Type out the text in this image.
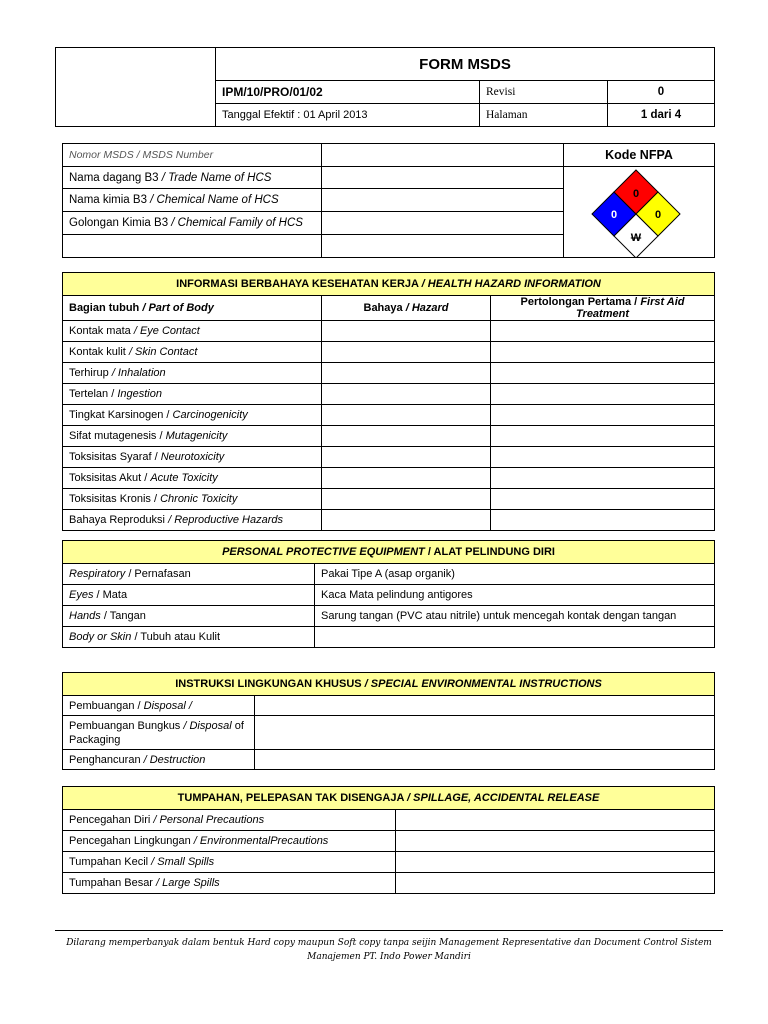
	FORM MSDS		
	IPM/10/PRO/01/02	Revisi	0
	Tanggal Efektif : 01 April 2013	Halaman	1 dari 4
Nomor MSDS / MSDS Number		Kode NFPA
Nama dagang B3 / Trade Name of HCS		0
0 0
W

Nama kimia B3 / Chemical Name of HCS		
Golongan Kimia B3 / Chemical Family of HCS		

INFORMASI BERBAHAYA KESEHATAN KERJA / HEALTH HAZARD INFORMATION		
Bagian tubuh / Part of Body	Bahaya / Hazard	Pertolongan Pertama / First Aid Treatment
Kontak mata / Eye Contact		
Kontak kulit / Skin Contact		
Terhirup / Inhalation		
Tertelan / Ingestion		
Tingkat Karsinogen / Carcinogenicity		
Sifat mutagenesis / Mutagenicity		
Toksisitas Syaraf / Neurotoxicity		
Toksisitas Akut / Acute Toxicity		
Toksisitas Kronis / Chronic Toxicity		
Bahaya Reproduksi / Reproductive Hazards		
PERSONAL PROTECTIVE EQUIPMENT / ALAT PELINDUNG DIRI	
Respiratory / Pernafasan	Pakai Tipe A (asap organik)
Eyes / Mata	Kaca Mata pelindung antigores
Hands / Tangan	Sarung tangan (PVC atau nitrile) untuk mencegah kontak dengan tangan
Body or Skin / Tubuh atau Kulit	
INSTRUKSI LINGKUNGAN KHUSUS / SPECIAL ENVIRONMENTAL INSTRUCTIONS	
Pembuangan / Disposal /	
Pembuangan Bungkus / Disposal of Packaging	
Penghancuran / Destruction	
TUMPAHAN, PELEPASAN TAK DISENGAJA / SPILLAGE, ACCIDENTAL RELEASE	
Pencegahan Diri / Personal Precautions	
Pencegahan Lingkungan / EnvironmentalPrecautions	
Tumpahan Kecil / Small Spills	
Tumpahan Besar / Large Spills	
Dilarang memperbanyak dalam bentuk Hard copy maupun Soft copy tanpa seijin Management Representative dan Document Control Sistem
Manajemen PT. Indo Power Mandiri
